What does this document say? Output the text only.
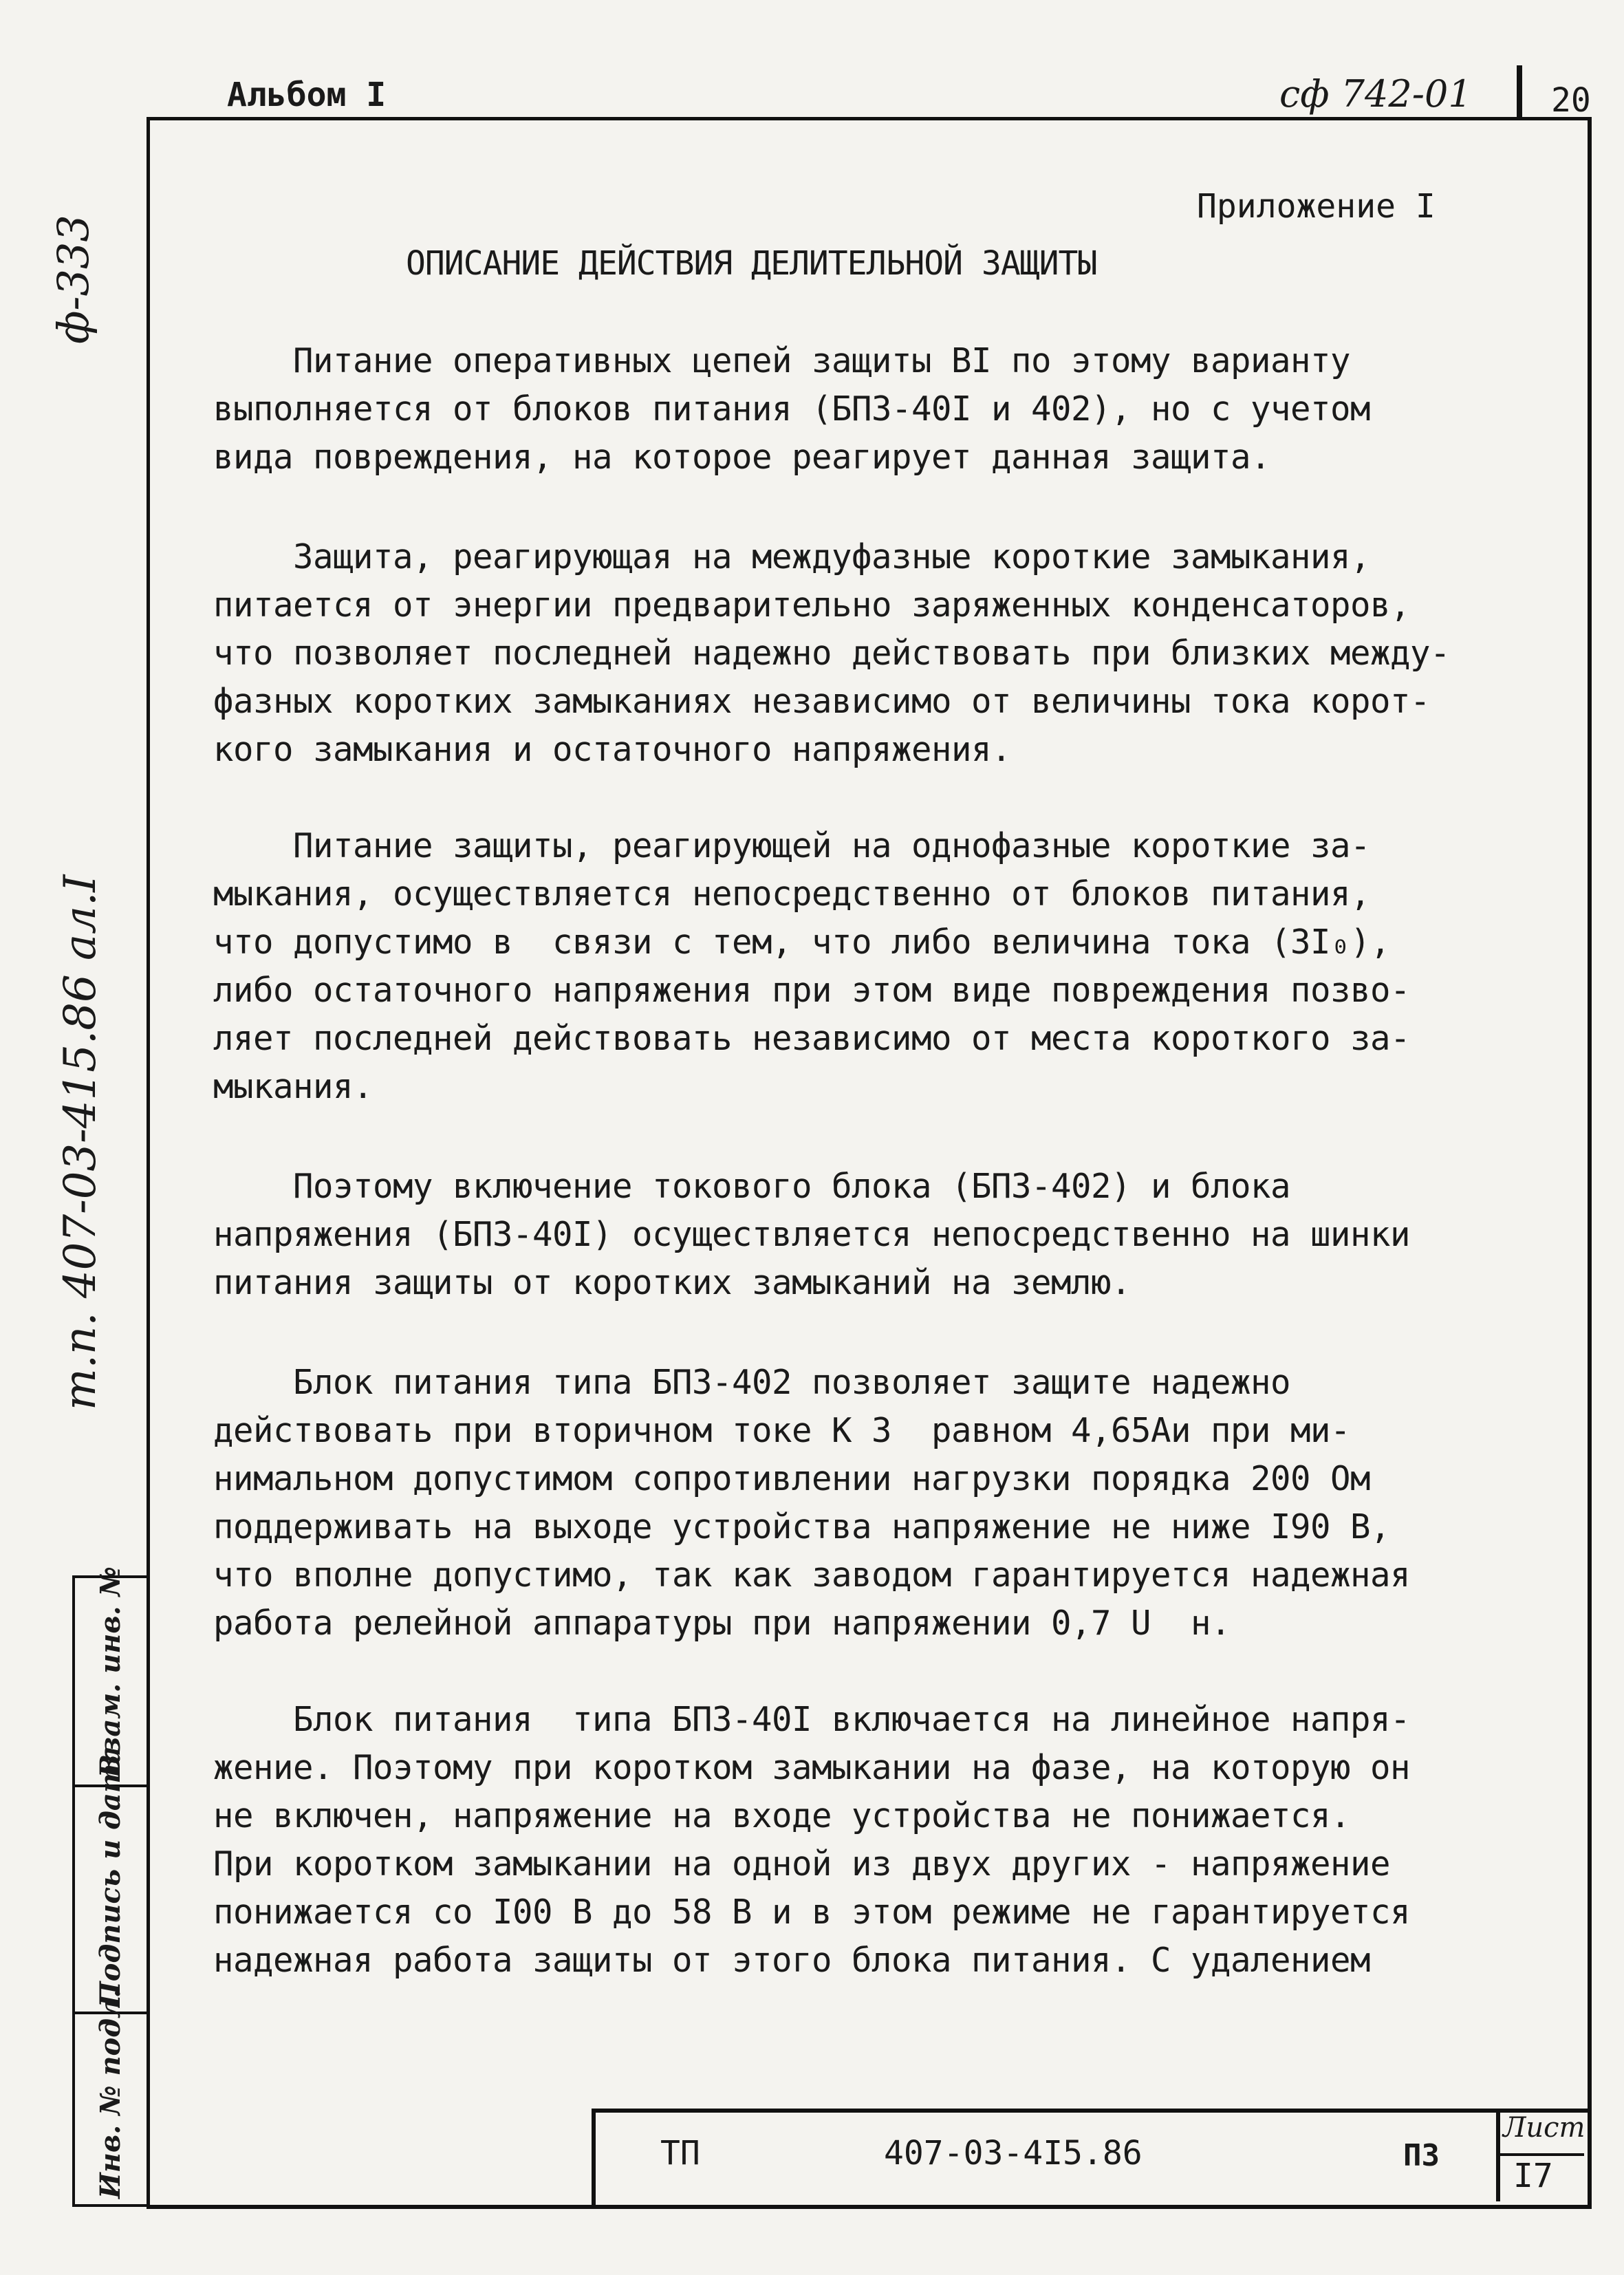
Альбом I	сф 742-01 20
ф-333
т.п. 407-03-415.86 ал.I
Взам. инв. №
Подпись и дата
Инв. № подл.
Приложение I
ОПИСАНИЕ ДЕЙСТВИЯ ДЕЛИТЕЛЬНОЙ ЗАЩИТЫ
Питание оперативных цепей защиты ВI по этому варианту
выполняется от блоков питания (БПЗ-40I и 402), но с учетом
вида повреждения, на которое реагирует данная защита.
Защита, реагирующая на междуфазные короткие замыкания,
питается от энергии предварительно заряженных конденсаторов,
что позволяет последней надежно действовать при близких между-
фазных коротких замыканиях независимо от величины тока корот-
кого замыкания и остаточного напряжения.
Питание защиты, реагирующей на однофазные короткие за-
мыкания, осуществляется непосредственно от блоков питания,
что допустимо в  связи с тем, что либо величина тока (3I₀),
либо остаточного напряжения при этом виде повреждения позво-
ляет последней действовать независимо от места короткого за-
мыкания.
Поэтому включение токового блока (БПЗ-402) и блока
напряжения (БПЗ-40I) осуществляется непосредственно на шинки
питания защиты от коротких замыканий на землю.
Блок питания типа БПЗ-402 позволяет защите надежно
действовать при вторичном токе К З  равном 4,65Аи при ми-
нимальном допустимом сопротивлении нагрузки порядка 200 Ом
поддерживать на выходе устройства напряжение не ниже I90 В,
что вполне допустимо, так как заводом гарантируется надежная
работа релейной аппаратуры при напряжении 0,7 U  н.
Блок питания  типа БПЗ-40I включается на линейное напря-
жение. Поэтому при коротком замыкании на фазе, на которую он
не включен, напряжение на входе устройства не понижается.
При коротком замыкании на одной из двух других - напряжение
понижается со I00 В до 58 В и в этом режиме не гарантируется
надежная работа защиты от этого блока питания. С удалением
ТП	407-03-4I5.86	ПЗ
Лист
I7
